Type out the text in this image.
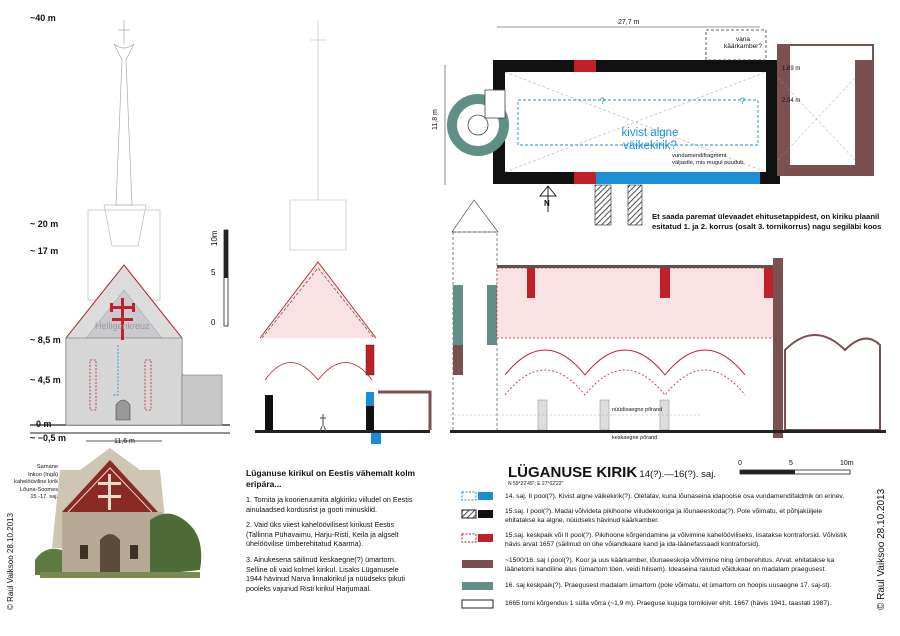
~40 m
~ 20 m
~ 17 m
~ 8,5 m
~ 4,5 m
0 m
~ −0,5 m
Heiligenkreuz
11,6 m
10m
5
0
27,7 m
11,8 m
vana käärkamber?
1,89 m
2,04 m
?	?
kivist algne väikekirik?
vundamendifragment
väljastle, mis mugul puudub
N
Et saada paremat ülevaadet ehitusetappidest, on kiriku plaanil
esitatud 1. ja 2. korrus (osalt 3. tornikorrus) nagu segiläbi koos
nüüdisaegne põrand
keskaegne põrand
Sarnane
Inkoo (Ingå)
kahelööviline kirik
Lõuna-Soomes
15.-17. saj.
Lüganuse kirikul on Eestis vähemalt kolm
eripära...
1. Tornita ja koorieruumita algkiriku viiludel on Eestis
ainulaadsed kordusrist ja gooti minusklid.
2. Vaid üks viiest kahelöövilisest kirikust Eestis
(Tallinna Pühavaimu, Harju-Risti, Keila ja algselt
ühelöövilise ümberehitatud Kaarma).
3. Ainukesena säilinud keskaegne(?) ümartorn.
Selline oli vaid kolmel kirikul. Lisaks Lüganusele
1944 hävinud Narva linnakirikul ja nüüdseks pikuti
pooleks vajunud Risti kirikul Harjumaal.
LÜGANUSE KIRIK 14(?).—16(?). saj.
N 59°22'45"; E 27°02'22"
0	5	10m
14. saj. II pool(?). Kivist algne väikekirik(?). Oletatav, kuna lõunaseina idapoolse osa vundamendifaldmik on erinev.
15.saj. I pool(?). Madal võlvideta pikihoone viiludekooriga ja lõunaeeskoda(?). Pole võimatu, et põhjaküljele ehitatakse ka algne, nüüdseks hävinud käärkamber.
15.saj. keskpaik või II pool(?). Pikihoone kõrgendamine ja võlvimine kahelööviliseks, lisatakse kontraforsid. Võlvistik hävis arvat 1657 (säilinud on ühe võiandkaare kand ja ida-läänefassaadi kontraforsid).
~1500/16. saj I pool(?). Koor ja uus käärkamber, lõunaeeskoja võlvimine ning ümberehitus. Arvat. ehitatakse ka läänetorni kandiline alus (ümartorn töen. veidi hilisem). Ideaseina raiutud võidukaar on madalam praegusest.
16. saj keskpaik(?). Praegusest madalam ümartorn (pole võimatu, et ümartorn on hoopis uusaegne 17. saj-st).
1665 torni kõrgendus 1 sülla võrra (~1,9 m). Praeguse kujuga tornikiiver ehit. 1667 (hävis 1941, taastati 1987).
© Raul Vaiksoo 28.10.2013	© Raul Vaiksoo 28.10.2013
